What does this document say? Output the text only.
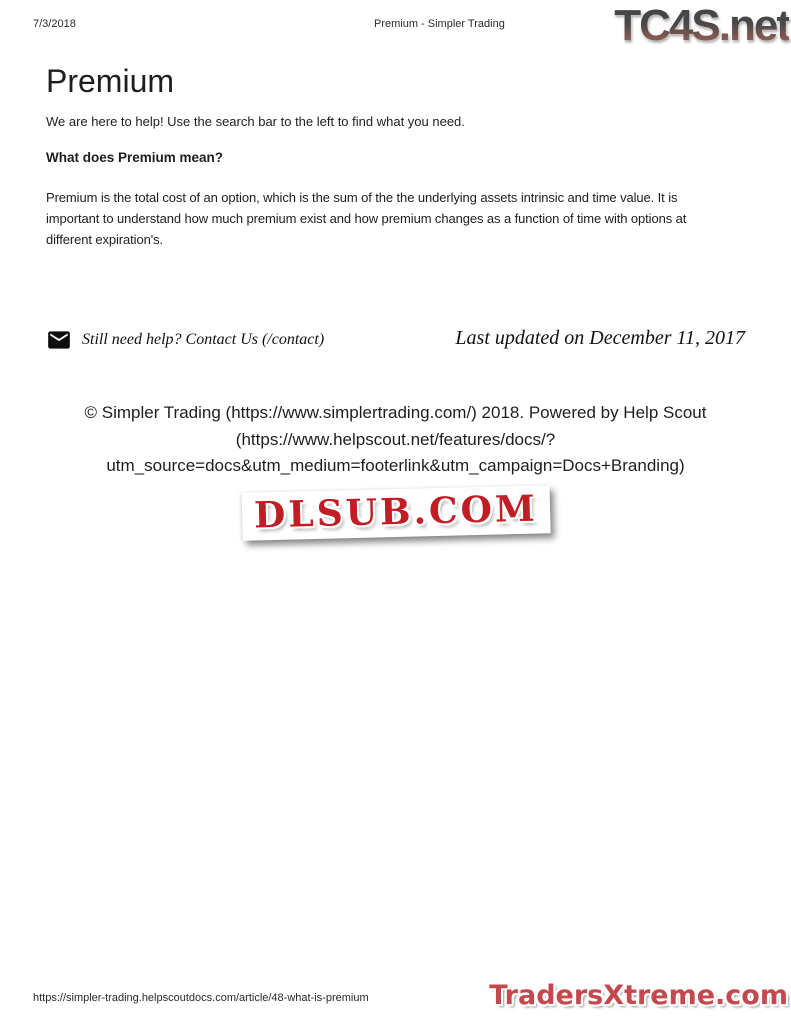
7/3/2018	Premium - Simpler Trading TC4S.net
Premium

We are here to help! Use the search bar to the left to find what you need.

What does Premium mean?
Premium is the total cost of an option, which is the sum of the the underlying assets intrinsic and time value. It is
important to understand how much premium exist and how premium changes as a function of time with options at
different expiration's.
Still need help? Contact Us (/contact)	Last updated on December 11, 2017
© Simpler Trading (https://www.simplertrading.com/) 2018. Powered by Help Scout
(https://www.helpscout.net/features/docs/?
utm_source=docs&utm_medium=footerlink&utm_campaign=Docs+Branding)
DLSUB.COM
https://simpler-trading.helpscoutdocs.com/article/48-what-is-premium	TradersXtreme.com
